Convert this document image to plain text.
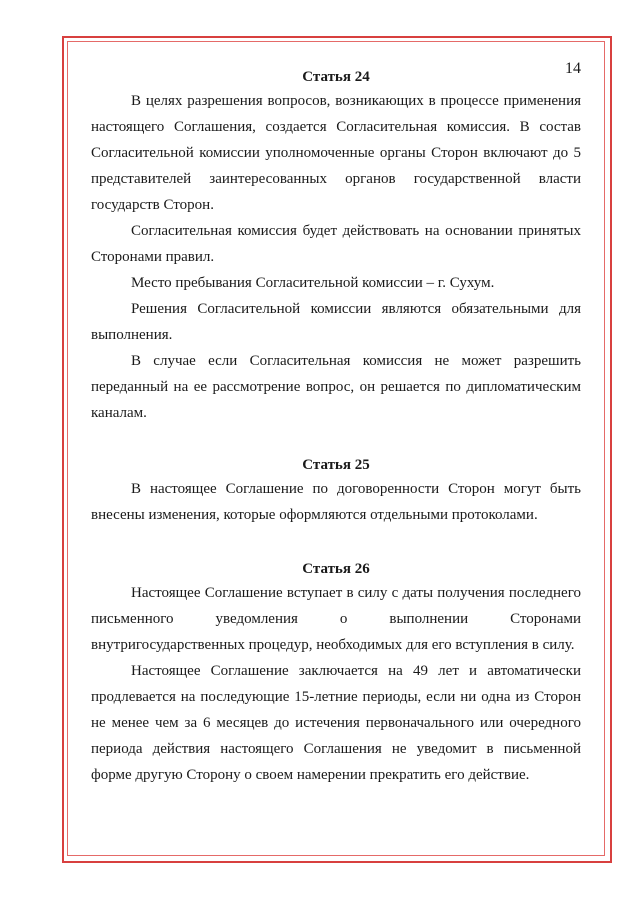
14
Статья 24

В целях разрешения вопросов, возникающих в процессе применения настоящего Соглашения, создается Согласительная комиссия. В состав Согласительной комиссии уполномоченные органы Сторон включают до 5 представителей заинтересованных органов государственной власти государств Сторон.

Согласительная комиссия будет действовать на основании принятых Сторонами правил.

Место пребывания Согласительной комиссии – г. Сухум.

Решения Согласительной комиссии являются обязательными для выполнения.

В случае если Согласительная комиссия не может разрешить переданный на ее рассмотрение вопрос, он решается по дипломатическим каналам.

Статья 25

В настоящее Соглашение по договоренности Сторон могут быть внесены изменения, которые оформляются отдельными протоколами.

Статья 26

Настоящее Соглашение вступает в силу с даты получения последнего письменного уведомления о выполнении Сторонами внутригосударственных процедур, необходимых для его вступления в силу.

Настоящее Соглашение заключается на 49 лет и автоматически продлевается на последующие 15-летние периоды, если ни одна из Сторон не менее чем за 6 месяцев до истечения первоначального или очередного периода действия настоящего Соглашения не уведомит в письменной форме другую Сторону о своем намерении прекратить его действие.
